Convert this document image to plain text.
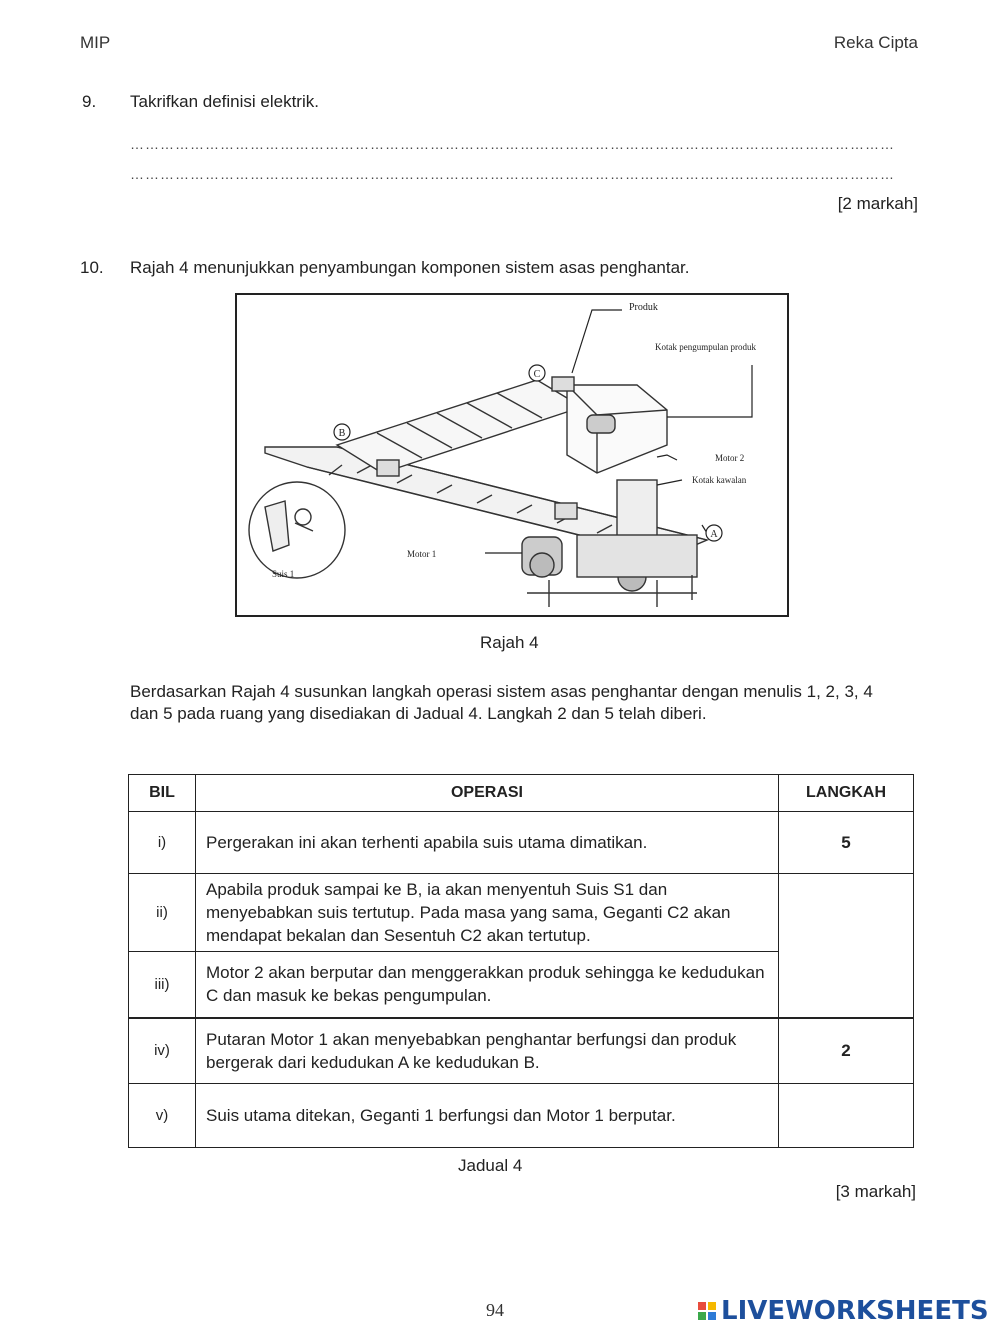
MIP	Reka Cipta
9. Takrifkan definisi elektrik.
………………………………………………………………………………………………………………………………………
………………………………………………………………………………………………………………………………………
[2 markah]
10. Rajah 4 menunjukkan penyambungan komponen sistem asas penghantar.
C
B
A
Produk
Kotak pengumpulan produk
Motor 2
Kotak kawalan
Motor 1
Suis 1
Rajah 4
Berdasarkan Rajah 4 susunkan langkah operasi sistem asas penghantar dengan menulis 1, 2, 3, 4 dan 5 pada ruang yang disediakan di Jadual 4. Langkah 2 dan 5 telah diberi.
BIL	OPERASI	LANGKAH
i)	Pergerakan ini akan terhenti apabila suis utama dimatikan.	5
ii)	Apabila produk sampai ke B, ia akan menyentuh Suis S1 dan menyebabkan suis tertutup. Pada masa yang sama, Geganti C2 akan mendapat bekalan dan Sesentuh C2 akan tertutup.	
iii)	Motor 2 akan berputar dan menggerakkan produk sehingga ke kedudukan C dan masuk ke bekas pengumpulan.	
iv)	Putaran Motor 1 akan menyebabkan penghantar berfungsi dan produk bergerak dari kedudukan A ke kedudukan B.	2
v)	Suis utama ditekan, Geganti 1 berfungsi dan Motor 1 berputar.	
Jadual 4
[3 markah]
94	LIVEWORKSHEETS
